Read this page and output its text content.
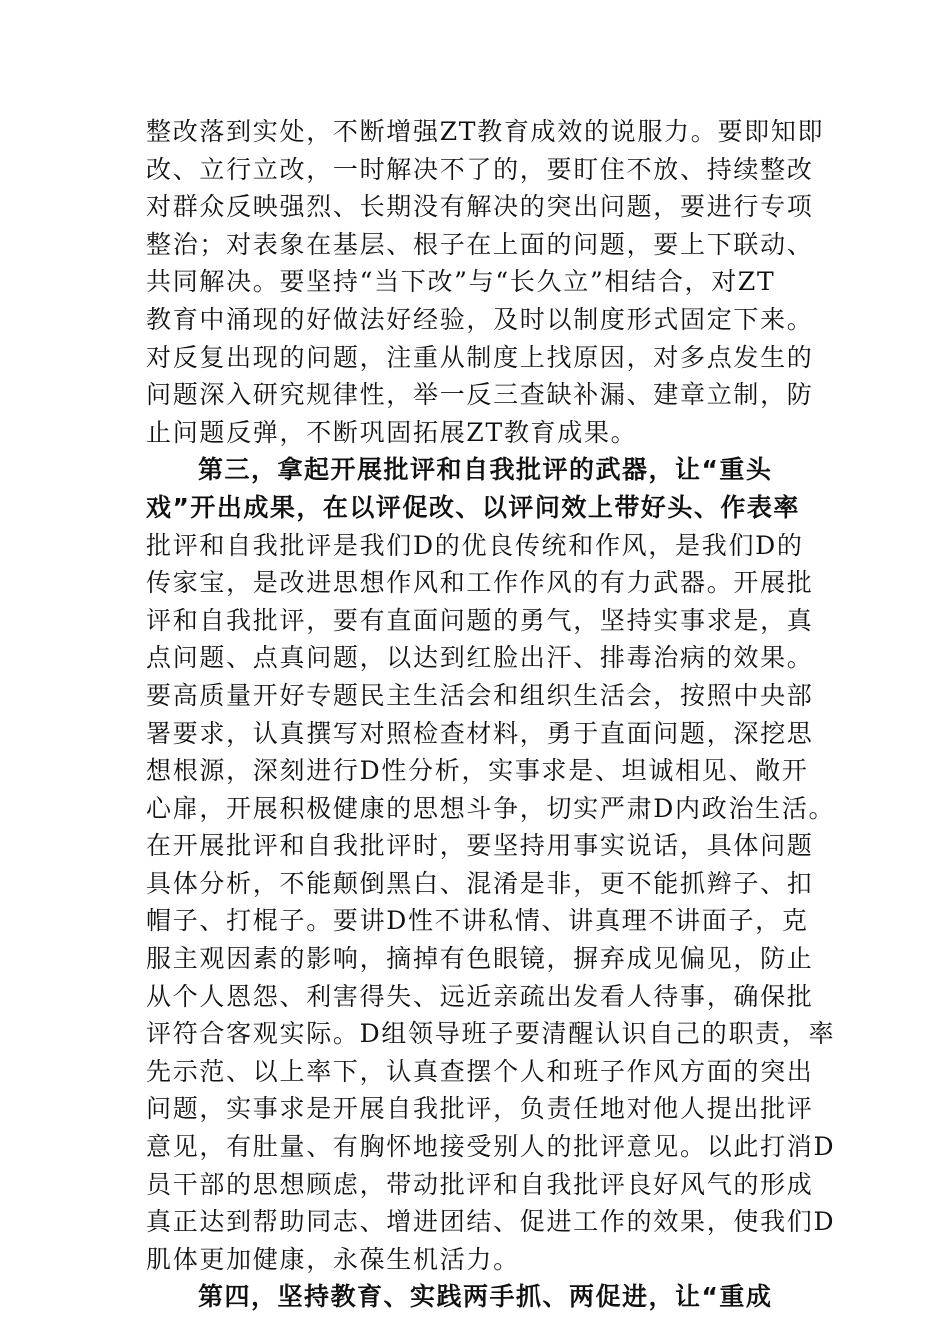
整改落到实处，不断增强ZT教育成效的说服力。要即知即
改、立行立改，一时解决不了的，要盯住不放、持续整改
对群众反映强烈、长期没有解决的突出问题，要进行专项
整治；对表象在基层、根子在上面的问题，要上下联动、
共同解决。要坚持“当下改”与“长久立”相结合，对ZT
教育中涌现的好做法好经验，及时以制度形式固定下来。
对反复出现的问题，注重从制度上找原因，对多点发生的
问题深入研究规律性，举一反三查缺补漏、建章立制，防
止问题反弹，不断巩固拓展ZT教育成果。
第三，拿起开展批评和自我批评的武器，让“重头
戏”开出成果，在以评促改、以评问效上带好头、作表率
批评和自我批评是我们D的优良传统和作风，是我们D的
传家宝，是改进思想作风和工作作风的有力武器。开展批
评和自我批评，要有直面问题的勇气，坚持实事求是，真
点问题、点真问题，以达到红脸出汗、排毒治病的效果。
要高质量开好专题民主生活会和组织生活会，按照中央部
署要求，认真撰写对照检查材料，勇于直面问题，深挖思
想根源，深刻进行D性分析，实事求是、坦诚相见、敞开
心扉，开展积极健康的思想斗争，切实严肃D内政治生活。
在开展批评和自我批评时，要坚持用事实说话，具体问题
具体分析，不能颠倒黑白、混淆是非，更不能抓辫子、扣
帽子、打棍子。要讲D性不讲私情、讲真理不讲面子，克
服主观因素的影响，摘掉有色眼镜，摒弃成见偏见，防止
从个人恩怨、利害得失、远近亲疏出发看人待事，确保批
评符合客观实际。D组领导班子要清醒认识自己的职责，率
先示范、以上率下，认真查摆个人和班子作风方面的突出
问题，实事求是开展自我批评，负责任地对他人提出批评
意见，有肚量、有胸怀地接受别人的批评意见。以此打消D
员干部的思想顾虑，带动批评和自我批评良好风气的形成
真正达到帮助同志、增进团结、促进工作的效果，使我们D
肌体更加健康，永葆生机活力。
第四，坚持教育、实践两手抓、两促进，让“重成
